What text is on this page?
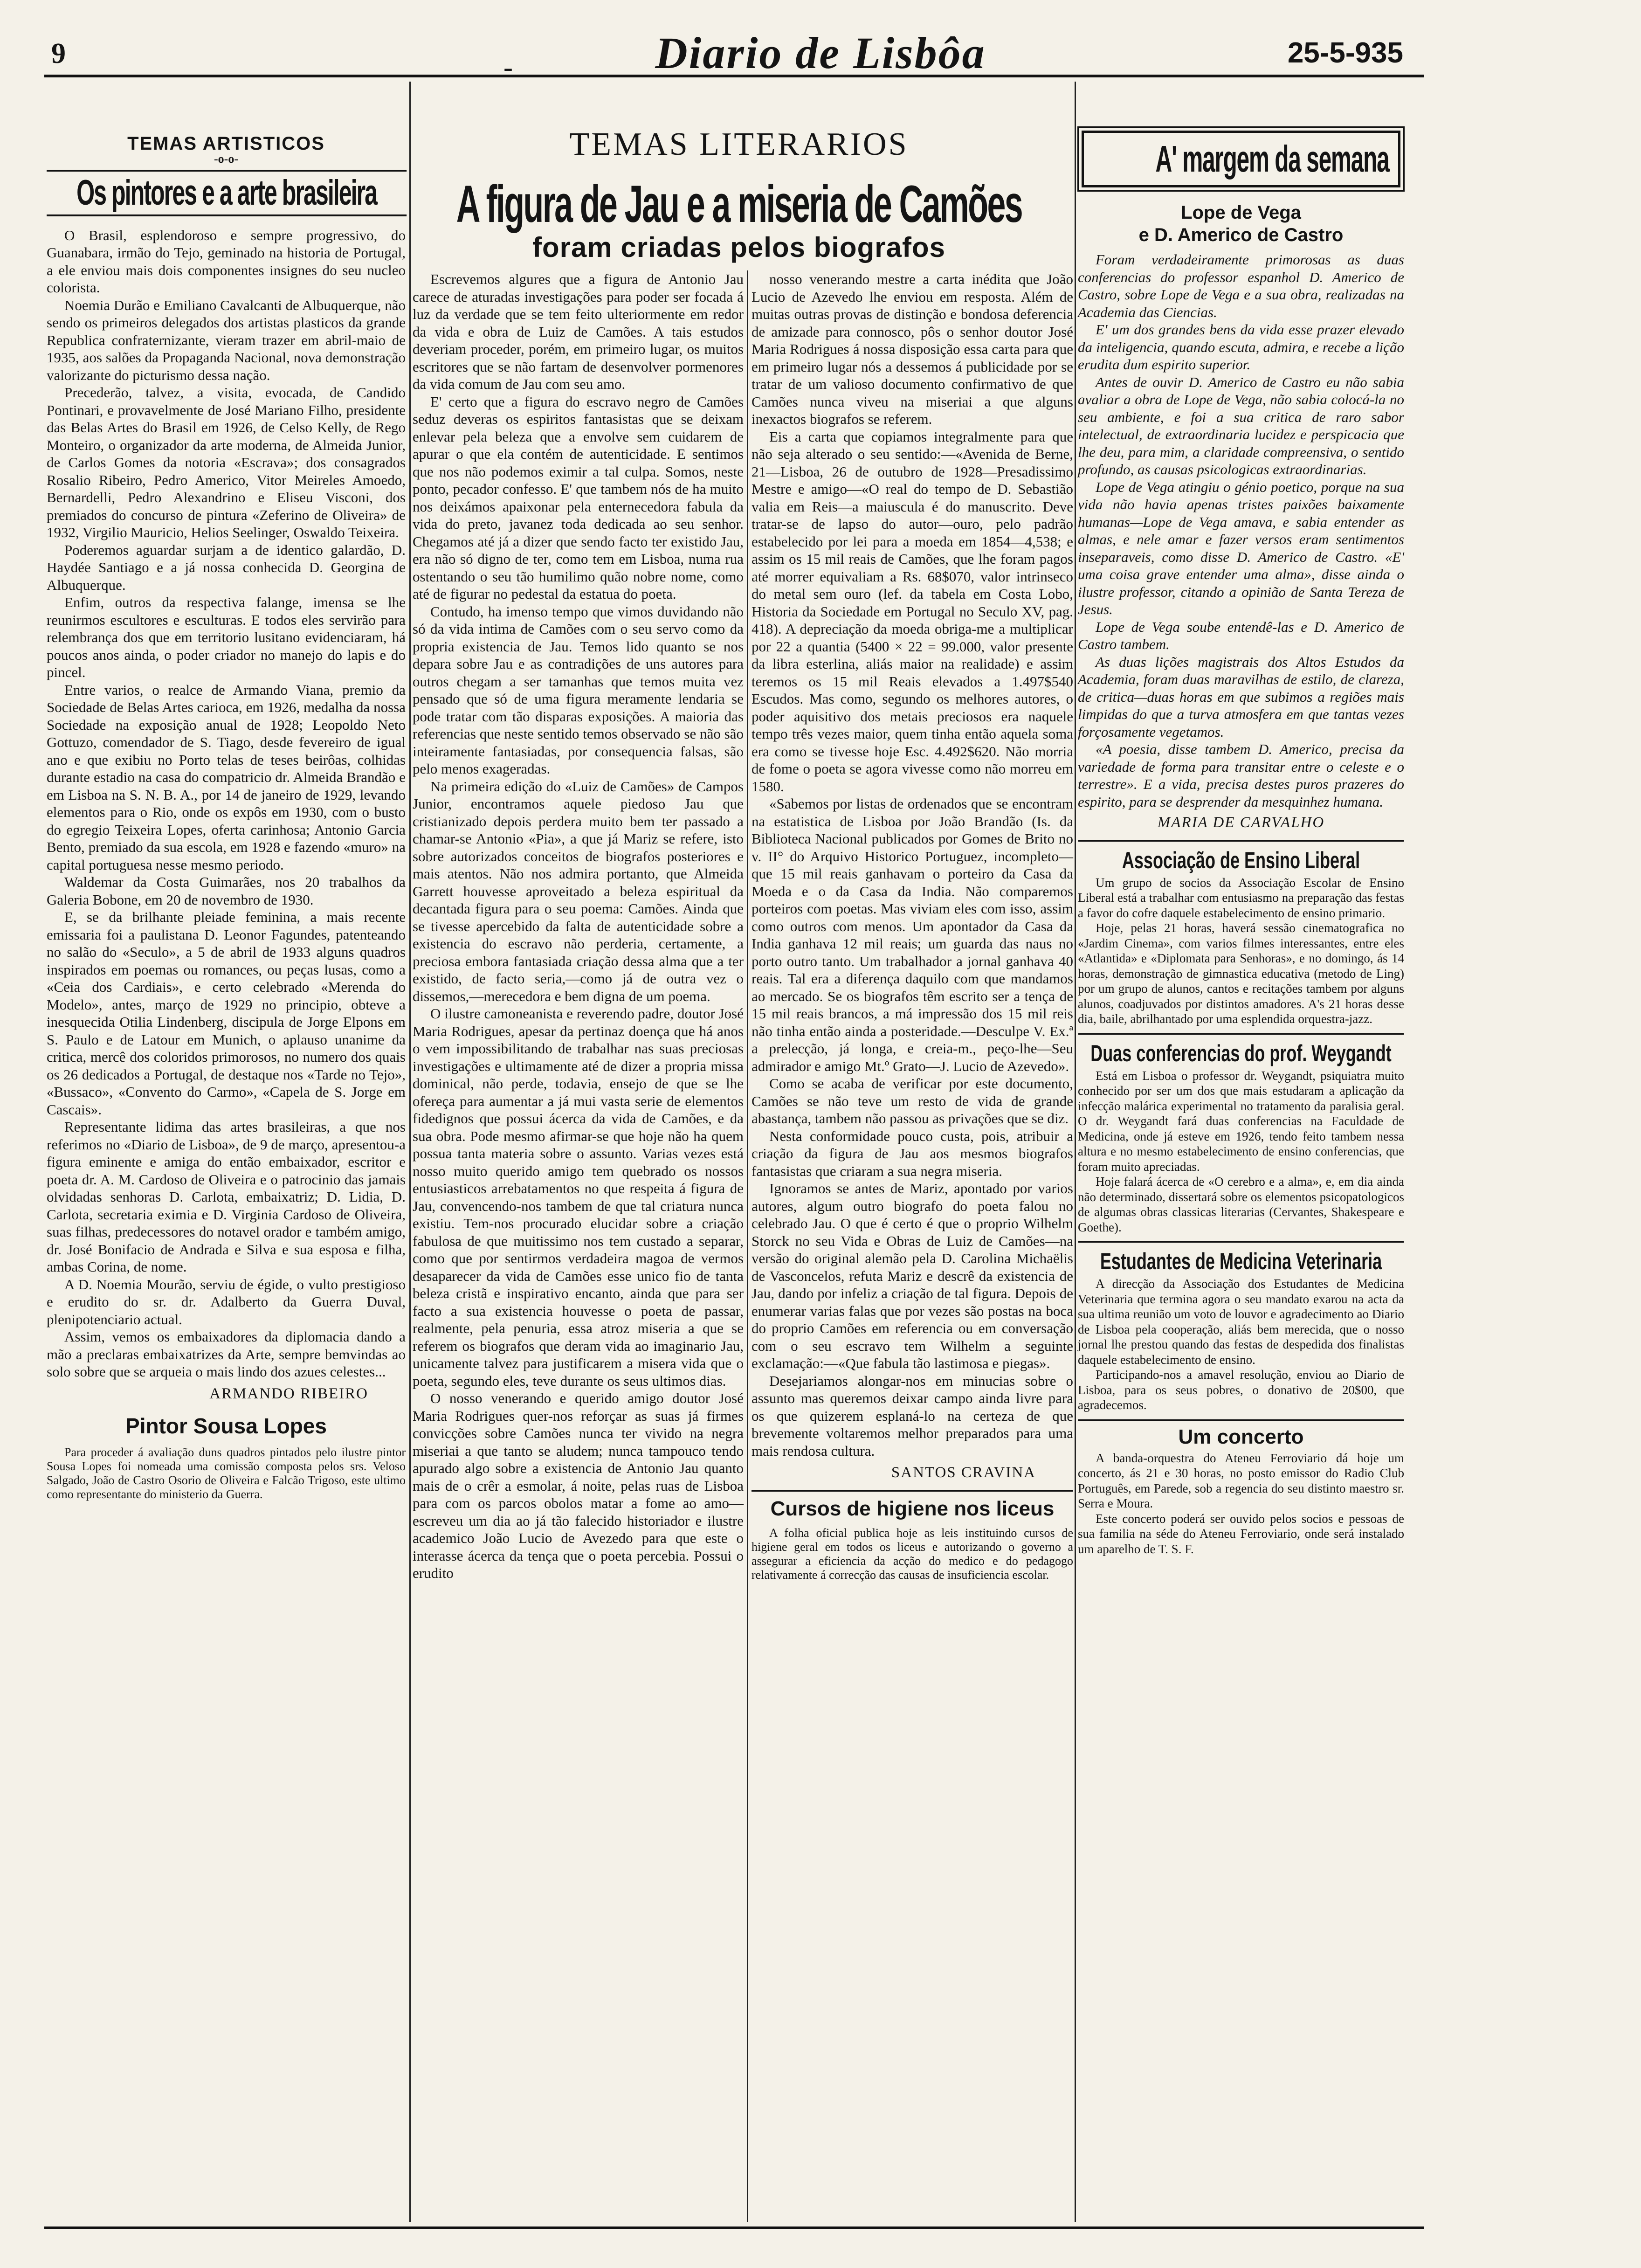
9	-	Diario de Lisbôa	25-5-935
TEMAS ARTISTICOS
-o-o-
Os pintores e a arte brasileira

O Brasil, esplendoroso e sempre progressivo, do Guanabara, irmão do Tejo, geminado na historia de Portugal, a ele enviou mais dois componentes insignes do seu nucleo colorista.

Noemia Durão e Emiliano Cavalcanti de Albuquerque, não sendo os primeiros delegados dos artistas plasticos da grande Republica confraternizante, vieram trazer em abril-maio de 1935, aos salões da Propaganda Nacional, nova demonstração valorizante do picturismo dessa nação.

Precederão, talvez, a visita, evocada, de Candido Pontinari, e provavelmente de José Mariano Filho, presidente das Belas Artes do Brasil em 1926, de Celso Kelly, de Rego Monteiro, o organizador da arte moderna, de Almeida Junior, de Carlos Gomes da notoria «Escrava»; dos consagrados Rosalio Ribeiro, Pedro Americo, Vitor Meireles Amoedo, Bernardelli, Pedro Alexandrino e Eliseu Visconi, dos premiados do concurso de pintura «Zeferino de Oliveira» de 1932, Virgilio Mauricio, Helios Seelinger, Oswaldo Teixeira.

Poderemos aguardar surjam a de identico galardão, D. Haydée Santiago e a já nossa conhecida D. Georgina de Albuquerque.

Enfim, outros da respectiva falange, imensa se lhe reunirmos escultores e esculturas. E todos eles servirão para relembrança dos que em territorio lusitano evidenciaram, há poucos anos ainda, o poder criador no manejo do lapis e do pincel.

Entre varios, o realce de Armando Viana, premio da Sociedade de Belas Artes carioca, em 1926, medalha da nossa Sociedade na exposição anual de 1928; Leopoldo Neto Gottuzo, comendador de S. Tiago, desde fevereiro de igual ano e que exibiu no Porto telas de teses beirôas, colhidas durante estadio na casa do compatricio dr. Almeida Brandão e em Lisboa na S. N. B. A., por 14 de janeiro de 1929, levando elementos para o Rio, onde os expôs em 1930, com o busto do egregio Teixeira Lopes, oferta carinhosa; Antonio Garcia Bento, premiado da sua escola, em 1928 e fazendo «muro» na capital portuguesa nesse mesmo periodo.

Waldemar da Costa Guimarães, nos 20 trabalhos da Galeria Bobone, em 20 de novembro de 1930.

E, se da brilhante pleiade feminina, a mais recente emissaria foi a paulistana D. Leonor Fagundes, patenteando no salão do «Seculo», a 5 de abril de 1933 alguns quadros inspirados em poemas ou romances, ou peças lusas, como a «Ceia dos Cardiais», e certo celebrado «Merenda do Modelo», antes, março de 1929 no principio, obteve a inesquecida Otilia Lindenberg, discipula de Jorge Elpons em S. Paulo e de Latour em Munich, o aplauso unanime da critica, mercê dos coloridos primorosos, no numero dos quais os 26 dedicados a Portugal, de destaque nos «Tarde no Tejo», «Bussaco», «Convento do Carmo», «Capela de S. Jorge em Cascais».

Representante lidima das artes brasileiras, a que nos referimos no «Diario de Lisboa», de 9 de março, apresentou-a figura eminente e amiga do então embaixador, escritor e poeta dr. A. M. Cardoso de Oliveira e o patrocinio das jamais olvidadas senhoras D. Carlota, embaixatriz; D. Lidia, D. Carlota, secretaria eximia e D. Virginia Cardoso de Oliveira, suas filhas, predecessores do notavel orador e também amigo, dr. José Bonifacio de Andrada e Silva e sua esposa e filha, ambas Corina, de nome.

A D. Noemia Mourão, serviu de égide, o vulto prestigioso e erudito do sr. dr. Adalberto da Guerra Duval, plenipotenciario actual.

Assim, vemos os embaixadores da diplomacia dando a mão a preclaras embaixatrizes da Arte, sempre bemvindas ao solo sobre que se arqueia o mais lindo dos azues celestes...

ARMANDO RIBEIRO
Pintor Sousa Lopes

Para proceder á avaliação duns quadros pintados pelo ilustre pintor Sousa Lopes foi nomeada uma comissão composta pelos srs. Veloso Salgado, João de Castro Osorio de Oliveira e Falcão Trigoso, este ultimo como representante do ministerio da Guerra.

TEMAS LITERARIOS
A figura de Jau e a miseria de Camões
foram criadas pelos biografos

Escrevemos algures que a figura de Antonio Jau carece de aturadas investigações para poder ser focada á luz da verdade que se tem feito ulteriormente em redor da vida e obra de Luiz de Camões. A tais estudos deveriam proceder, porém, em primeiro lugar, os muitos escritores que se não fartam de desenvolver pormenores da vida comum de Jau com seu amo.

E' certo que a figura do escravo negro de Camões seduz deveras os espiritos fantasistas que se deixam enlevar pela beleza que a envolve sem cuidarem de apurar o que ela contém de autenticidade. E sentimos que nos não podemos eximir a tal culpa. Somos, neste ponto, pecador confesso. E' que tambem nós de ha muito nos deixámos apaixonar pela enternecedora fabula da vida do preto, javanez toda dedicada ao seu senhor. Chegamos até já a dizer que sendo facto ter existido Jau, era não só digno de ter, como tem em Lisboa, numa rua ostentando o seu tão humilimo quão nobre nome, como até de figurar no pedestal da estatua do poeta.

Contudo, ha imenso tempo que vimos duvidando não só da vida intima de Camões com o seu servo como da propria existencia de Jau. Temos lido quanto se nos depara sobre Jau e as contradições de uns autores para outros chegam a ser tamanhas que temos muita vez pensado que só de uma figura meramente lendaria se pode tratar com tão disparas exposições. A maioria das referencias que neste sentido temos observado se não são inteiramente fantasiadas, por consequencia falsas, são pelo menos exageradas.

Na primeira edição do «Luiz de Camões» de Campos Junior, encontramos aquele piedoso Jau que cristianizado depois perdera muito bem ter passado a chamar-se Antonio «Pia», a que já Mariz se refere, isto sobre autorizados conceitos de biografos posteriores e mais atentos. Não nos admira portanto, que Almeida Garrett houvesse aproveitado a beleza espiritual da decantada figura para o seu poema: Camões. Ainda que se tivesse apercebido da falta de autenticidade sobre a existencia do escravo não perderia, certamente, a preciosa embora fantasiada criação dessa alma que a ter existido, de facto seria,—como já de outra vez o dissemos,—merecedora e bem digna de um poema.

O ilustre camoneanista e reverendo padre, doutor José Maria Rodrigues, apesar da pertinaz doença que há anos o vem impossibilitando de trabalhar nas suas preciosas investigações e ultimamente até de dizer a propria missa dominical, não perde, todavia, ensejo de que se lhe ofereça para aumentar a já mui vasta serie de elementos fidedignos que possui ácerca da vida de Camões, e da sua obra. Pode mesmo afirmar-se que hoje não ha quem possua tanta materia sobre o assunto. Varias vezes está nosso muito querido amigo tem quebrado os nossos entusiasticos arrebatamentos no que respeita á figura de Jau, convencendo-nos tambem de que tal criatura nunca existiu. Tem-nos procurado elucidar sobre a criação fabulosa de que muitissimo nos tem custado a separar, como que por sentirmos verdadeira magoa de vermos desaparecer da vida de Camões esse unico fio de tanta beleza cristã e inspirativo encanto, ainda que para ser facto a sua existencia houvesse o poeta de passar, realmente, pela penuria, essa atroz miseria a que se referem os biografos que deram vida ao imaginario Jau, unicamente talvez para justificarem a misera vida que o poeta, segundo eles, teve durante os seus ultimos dias.

O nosso venerando e querido amigo doutor José Maria Rodrigues quer-nos reforçar as suas já firmes convicções sobre Camões nunca ter vivido na negra miseriai a que tanto se aludem; nunca tampouco tendo apurado algo sobre a existencia de Antonio Jau quanto mais de o crêr a esmolar, á noite, pelas ruas de Lisboa para com os parcos obolos matar a fome ao amo—escreveu um dia ao já tão falecido historiador e ilustre academico João Lucio de Avezedo para que este o interasse ácerca da tença que o poeta percebia. Possui o erudito

nosso venerando mestre a carta inédita que João Lucio de Azevedo lhe enviou em resposta. Além de muitas outras provas de distinção e bondosa deferencia de amizade para connosco, pôs o senhor doutor José Maria Rodrigues á nossa disposição essa carta para que em primeiro lugar nós a dessemos á publicidade por se tratar de um valioso documento confirmativo de que Camões nunca viveu na miseriai a que alguns inexactos biografos se referem.

Eis a carta que copiamos integralmente para que não seja alterado o seu sentido:—«Avenida de Berne, 21—Lisboa, 26 de outubro de 1928—Presadissimo Mestre e amigo—«O real do tempo de D. Sebastião valia em Reis—a maiuscula é do manuscrito. Deve tratar-se de lapso do autor—ouro, pelo padrão estabelecido por lei para a moeda em 1854—4,538; e assim os 15 mil reais de Camões, que lhe foram pagos até morrer equivaliam a Rs. 68$070, valor intrinseco do metal sem ouro (lef. da tabela em Costa Lobo, Historia da Sociedade em Portugal no Seculo XV, pag. 418). A depreciação da moeda obriga-me a multiplicar por 22 a quantia (5400 × 22 = 99.000, valor presente da libra esterlina, aliás maior na realidade) e assim teremos os 15 mil Reais elevados a 1.497$540 Escudos. Mas como, segundo os melhores autores, o poder aquisitivo dos metais preciosos era naquele tempo três vezes maior, quem tinha então aquela soma era como se tivesse hoje Esc. 4.492$620. Não morria de fome o poeta se agora vivesse como não morreu em 1580.

«Sabemos por listas de ordenados que se encontram na estatistica de Lisboa por João Brandão (Is. da Biblioteca Nacional publicados por Gomes de Brito no v. II° do Arquivo Historico Portuguez, incompleto—que 15 mil reais ganhavam o porteiro da Casa da Moeda e o da Casa da India. Não comparemos porteiros com poetas. Mas viviam eles com isso, assim como outros com menos. Um apontador da Casa da India ganhava 12 mil reais; um guarda das naus no porto outro tanto. Um trabalhador a jornal ganhava 40 reais. Tal era a diferença daquilo com que mandamos ao mercado. Se os biografos têm escrito ser a tença de 15 mil reais brancos, a má impressão dos 15 mil reis não tinha então ainda a posteridade.—Desculpe V. Ex.ª a prelecção, já longa, e creia-m., peço-lhe—Seu admirador e amigo Mt.º Grato—J. Lucio de Azevedo».

Como se acaba de verificar por este documento, Camões se não teve um resto de vida de grande abastança, tambem não passou as privações que se diz.

Nesta conformidade pouco custa, pois, atribuir a criação da figura de Jau aos mesmos biografos fantasistas que criaram a sua negra miseria.

Ignoramos se antes de Mariz, apontado por varios autores, algum outro biografo do poeta falou no celebrado Jau. O que é certo é que o proprio Wilhelm Storck no seu Vida e Obras de Luiz de Camões—na versão do original alemão pela D. Carolina Michaëlis de Vasconcelos, refuta Mariz e descrê da existencia de Jau, dando por infeliz a criação de tal figura. Depois de enumerar varias falas que por vezes são postas na boca do proprio Camões em referencia ou em conversação com o seu escravo tem Wilhelm a seguinte exclamação:—«Que fabula tão lastimosa e piegas».

Desejariamos alongar-nos em minucias sobre o assunto mas queremos deixar campo ainda livre para os que quizerem esplaná-lo na certeza de que brevemente voltaremos melhor preparados para uma mais rendosa cultura.

SANTOS CRAVINA
Cursos de higiene nos liceus

A folha oficial publica hoje as leis instituindo cursos de higiene geral em todos os liceus e autorizando o governo a assegurar a eficiencia da acção do medico e do pedagogo relativamente á correcção das causas de insuficiencia escolar.

A' margem da semana
Lope de Vega
e D. Americo de Castro

Foram verdadeiramente primorosas as duas conferencias do professor espanhol D. Americo de Castro, sobre Lope de Vega e a sua obra, realizadas na Academia das Ciencias.

E' um dos grandes bens da vida esse prazer elevado da inteligencia, quando escuta, admira, e recebe a lição erudita dum espirito superior.

Antes de ouvir D. Americo de Castro eu não sabia avaliar a obra de Lope de Vega, não sabia colocá-la no seu ambiente, e foi a sua critica de raro sabor intelectual, de extraordinaria lucidez e perspicacia que lhe deu, para mim, a claridade compreensiva, o sentido profundo, as causas psicologicas extraordinarias.

Lope de Vega atingiu o génio poetico, porque na sua vida não havia apenas tristes paixões baixamente humanas—Lope de Vega amava, e sabia entender as almas, e nele amar e fazer versos eram sentimentos inseparaveis, como disse D. Americo de Castro. «E' uma coisa grave entender uma alma», disse ainda o ilustre professor, citando a opinião de Santa Tereza de Jesus.

Lope de Vega soube entendê-las e D. Americo de Castro tambem.

As duas lições magistrais dos Altos Estudos da Academia, foram duas maravilhas de estilo, de clareza, de critica—duas horas em que subimos a regiões mais limpidas do que a turva atmosfera em que tantas vezes forçosamente vegetamos.

«A poesia, disse tambem D. Americo, precisa da variedade de forma para transitar entre o celeste e o terrestre». E a vida, precisa destes puros prazeres do espirito, para se desprender da mesquinhez humana.

MARIA DE CARVALHO
Associação de Ensino Liberal

Um grupo de socios da Associação Escolar de Ensino Liberal está a trabalhar com entusiasmo na preparação das festas a favor do cofre daquele estabelecimento de ensino primario.

Hoje, pelas 21 horas, haverá sessão cinematografica no «Jardim Cinema», com varios filmes interessantes, entre eles «Atlantida» e «Diplomata para Senhoras», e no domingo, ás 14 horas, demonstração de gimnastica educativa (metodo de Ling) por um grupo de alunos, cantos e recitações tambem por alguns alunos, coadjuvados por distintos amadores. A's 21 horas desse dia, baile, abrilhantado por uma esplendida orquestra-jazz.

Duas conferencias do prof. Weygandt

Está em Lisboa o professor dr. Weygandt, psiquiatra muito conhecido por ser um dos que mais estudaram a aplicação da infecção malárica experimental no tratamento da paralisia geral. O dr. Weygandt fará duas conferencias na Faculdade de Medicina, onde já esteve em 1926, tendo feito tambem nessa altura e no mesmo estabelecimento de ensino conferencias, que foram muito apreciadas.

Hoje falará ácerca de «O cerebro e a alma», e, em dia ainda não determinado, dissertará sobre os elementos psicopatologicos de algumas obras classicas literarias (Cervantes, Shakespeare e Goethe).

Estudantes de Medicina Veterinaria

A direcção da Associação dos Estudantes de Medicina Veterinaria que termina agora o seu mandato exarou na acta da sua ultima reunião um voto de louvor e agradecimento ao Diario de Lisboa pela cooperação, aliás bem merecida, que o nosso jornal lhe prestou quando das festas de despedida dos finalistas daquele estabelecimento de ensino.

Participando-nos a amavel resolução, enviou ao Diario de Lisboa, para os seus pobres, o donativo de 20$00, que agradecemos.

Um concerto

A banda-orquestra do Ateneu Ferroviario dá hoje um concerto, ás 21 e 30 horas, no posto emissor do Radio Club Português, em Parede, sob a regencia do seu distinto maestro sr. Serra e Moura.

Este concerto poderá ser ouvido pelos socios e pessoas de sua familia na séde do Ateneu Ferroviario, onde será instalado um aparelho de T. S. F.
